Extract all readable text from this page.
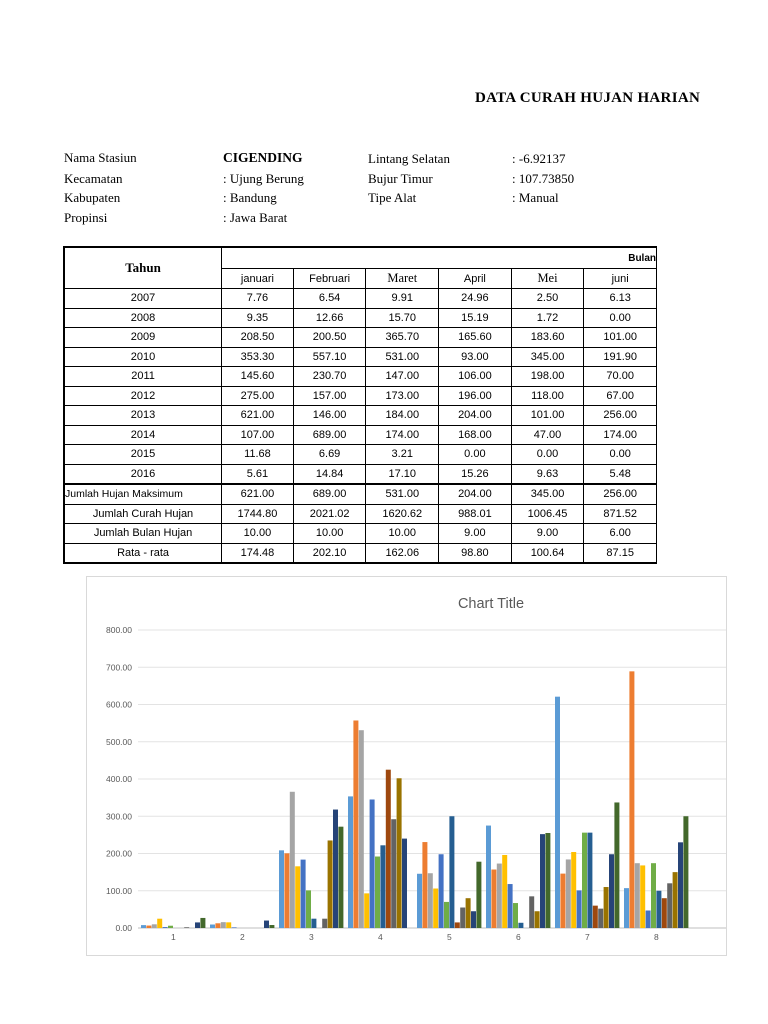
DATA CURAH HUJAN HARIAN
Nama Stasiun	CIGENDING
Kecamatan	: Ujung Berung
Kabupaten	: Bandung
Propinsi	: Jawa Barat
Lintang Selatan	: -6.92137
Bujur Timur	: 107.73850
Tipe Alat	: Manual
Tahun	Bulan					
	januari	Februari	Maret	April	Mei	juni
2007	7.76	6.54	9.91	24.96	2.50	6.13
2008	9.35	12.66	15.70	15.19	1.72	0.00
2009	208.50	200.50	365.70	165.60	183.60	101.00
2010	353.30	557.10	531.00	93.00	345.00	191.90
2011	145.60	230.70	147.00	106.00	198.00	70.00
2012	275.00	157.00	173.00	196.00	118.00	67.00
2013	621.00	146.00	184.00	204.00	101.00	256.00
2014	107.00	689.00	174.00	168.00	47.00	174.00
2015	11.68	6.69	3.21	0.00	0.00	0.00
2016	5.61	14.84	17.10	15.26	9.63	5.48
Jumlah Hujan Maksimum	621.00	689.00	531.00	204.00	345.00	256.00
Jumlah Curah Hujan	1744.80	2021.02	1620.62	988.01	1006.45	871.52
Jumlah Bulan Hujan	10.00	10.00	10.00	9.00	9.00	6.00
Rata - rata	174.48	202.10	162.06	98.80	100.64	87.15
Chart Title
0.00
100.00
200.00
300.00
400.00
500.00
600.00
700.00
800.00
1	2	3	4	5	6	7	8
